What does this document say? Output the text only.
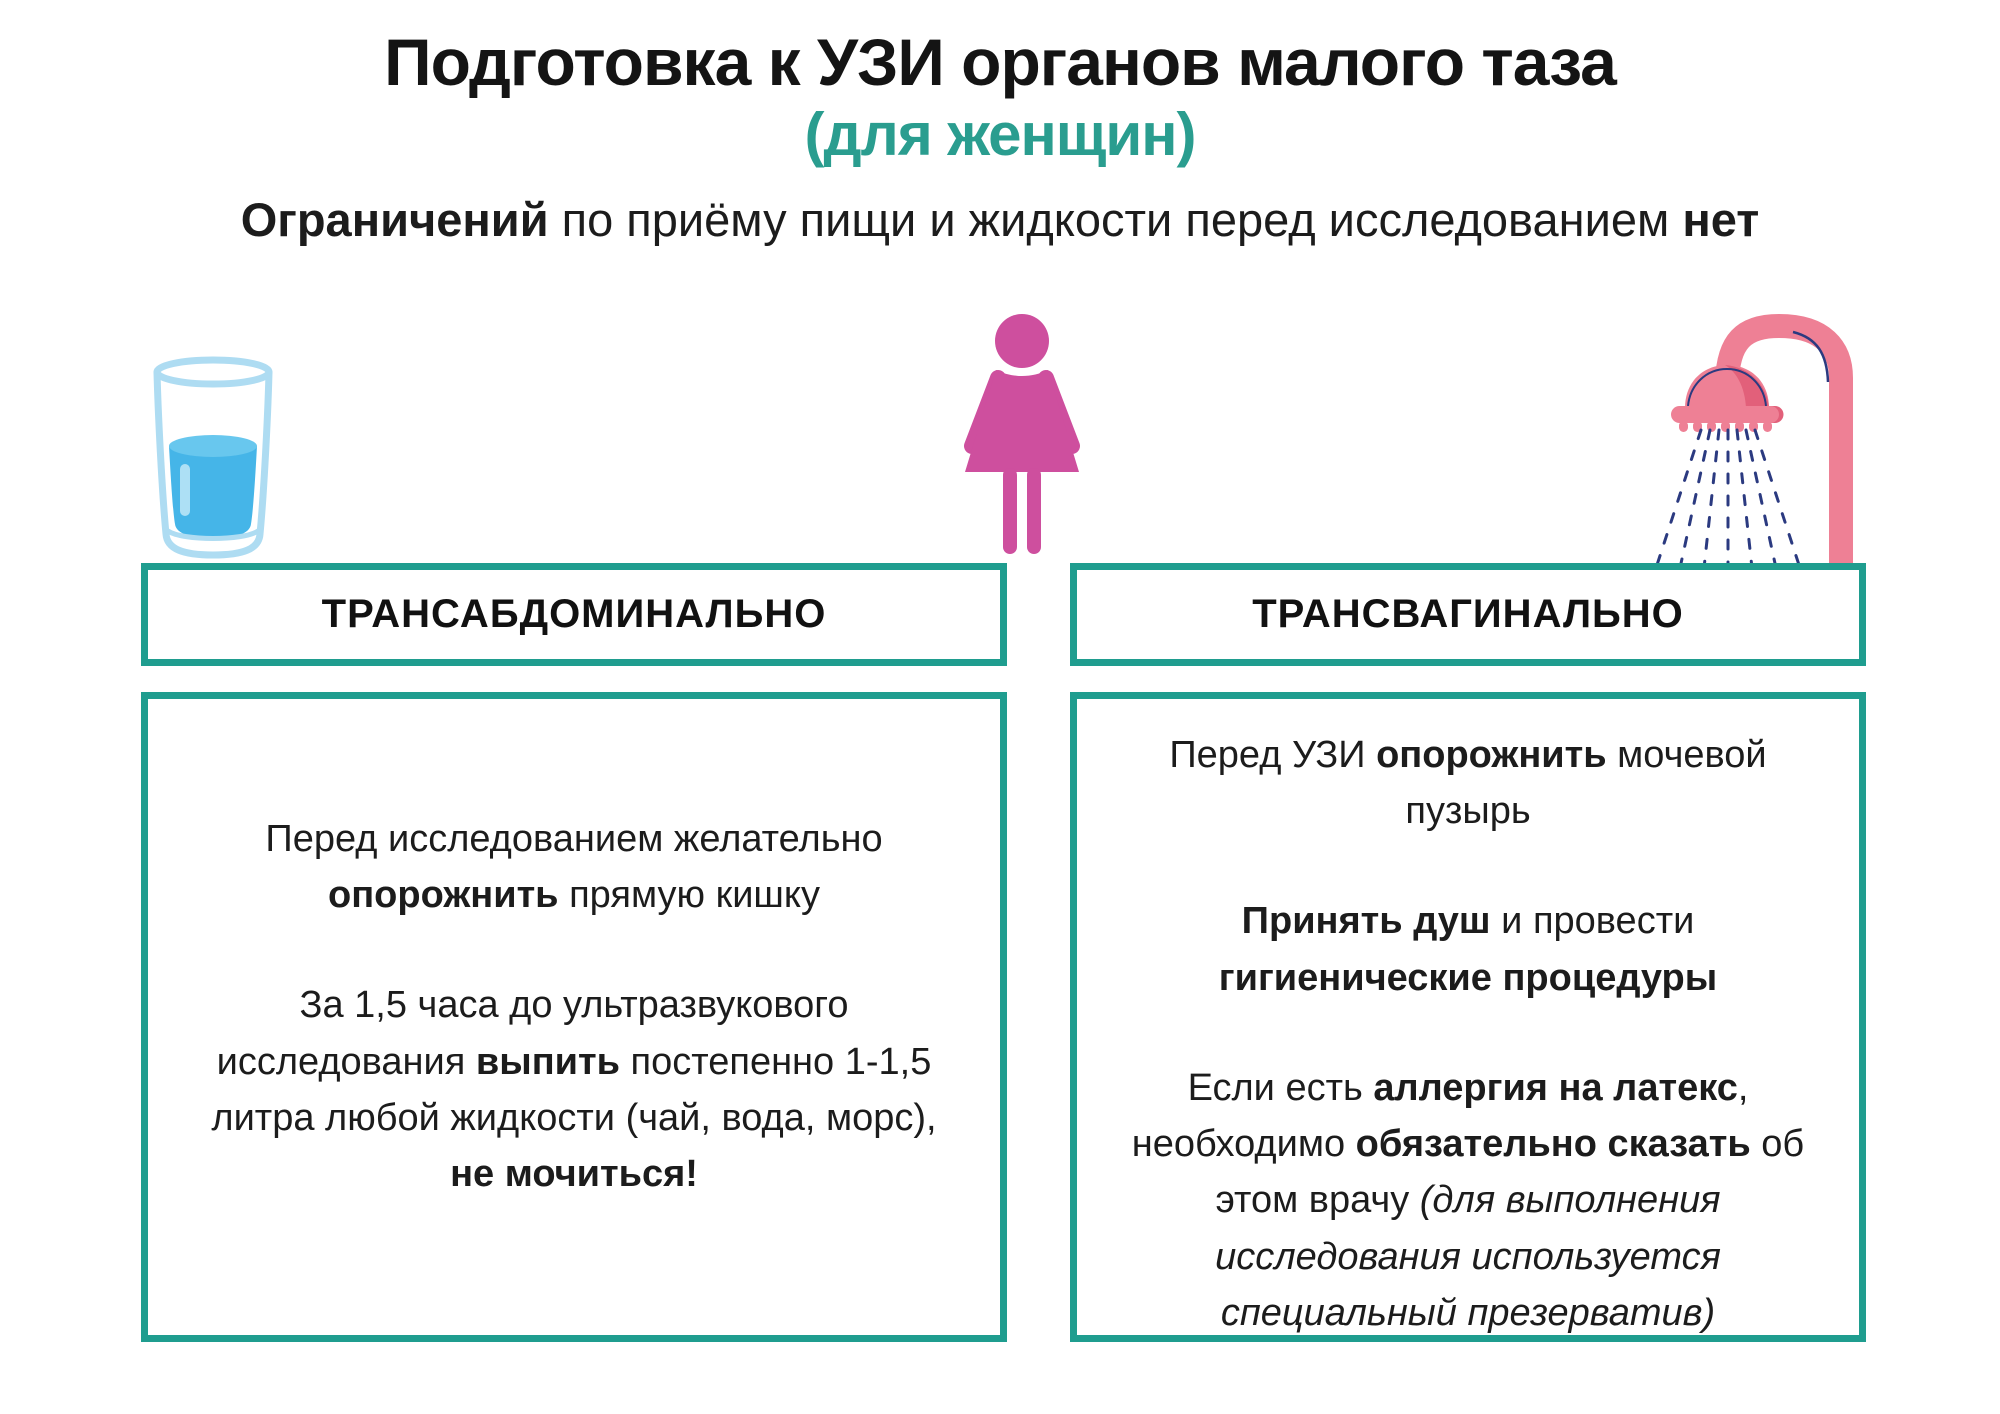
Подготовка к УЗИ органов малого таза
(для женщин)
Ограничений по приёму пищи и жидкости перед исследованием нет
ТРАНСАБДОМИНАЛЬНО	ТРАНСВАГИНАЛЬНО

Перед исследованием желательно опорожнить прямую кишку

За 1,5 часа до ультразвукового исследования выпить постепенно 1-1,5 литра любой жидкости (чай, вода, морс),
не мочиться!

Перед УЗИ опорожнить мочевой пузырь

Принять душ и провести
гигиенические процедуры

Если есть аллергия на латекс, необходимо обязательно сказать об этом врачу (для выполнения исследования используется специальный презерватив)
